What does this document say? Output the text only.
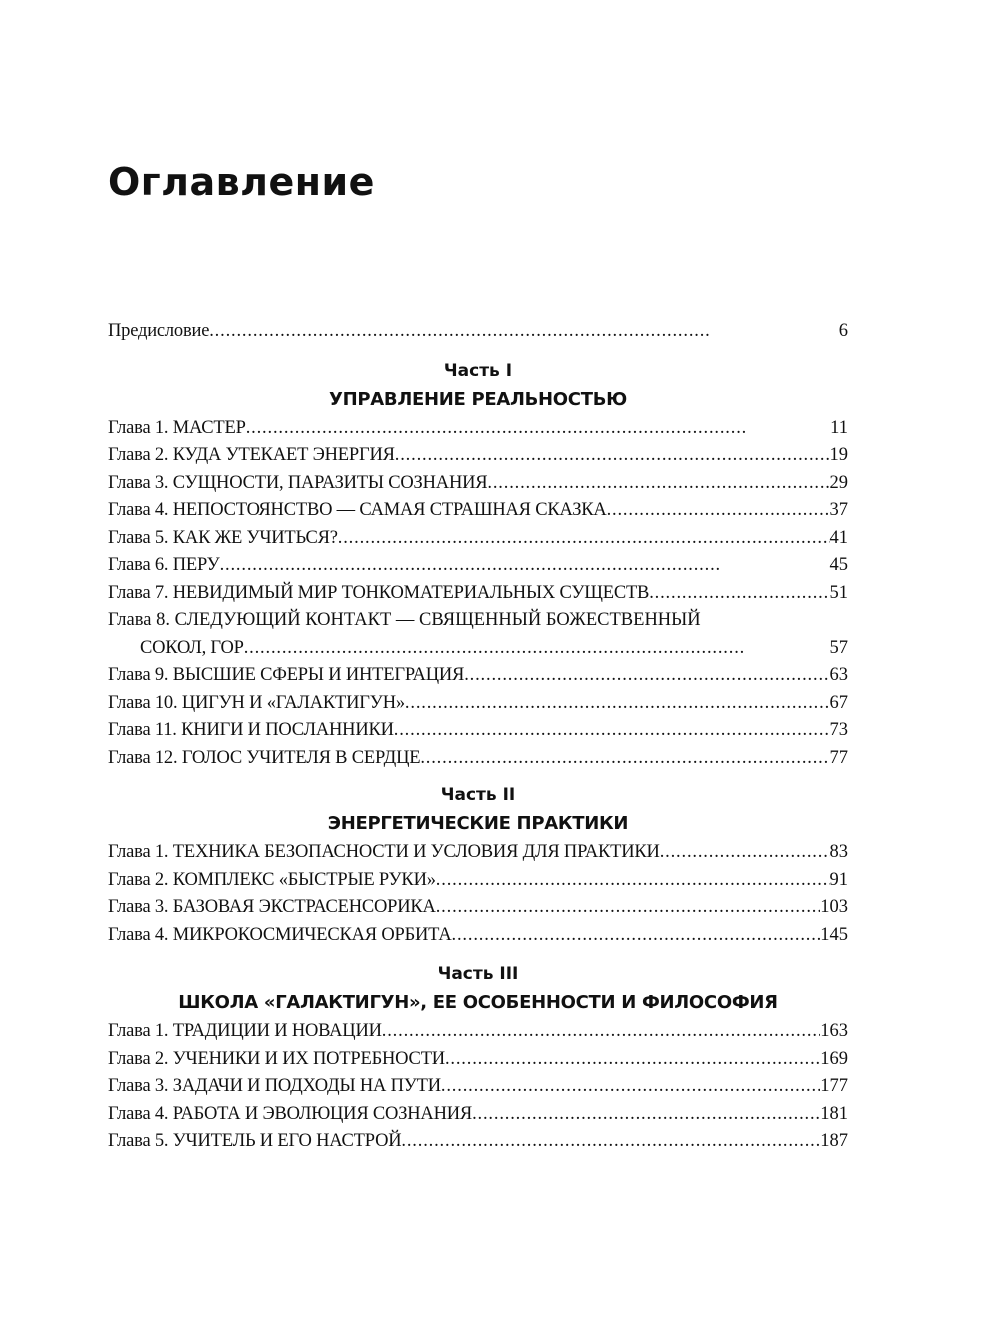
Оглавление
Предисловие . . .	6
Часть I
УПРАВЛЕНИЕ РЕАЛЬНОСТЬЮ
Глава 1. МАСТЕР . . .	11
Глава 2. КУДА УТЕКАЕТ ЭНЕРГИЯ . . .	19
Глава 3. СУЩНОСТИ, ПАРАЗИТЫ СОЗНАНИЯ . . .	29
Глава 4. НЕПОСТОЯНСТВО — САМАЯ СТРАШНАЯ СКАЗКА . . .	37
Глава 5. КАК ЖЕ УЧИТЬСЯ? . . .	41
Глава 6. ПЕРУ . . .	45
Глава 7. НЕВИДИМЫЙ МИР ТОНКОМАТЕРИАЛЬНЫХ СУЩЕСТВ . . .	51
Глава 8. СЛЕДУЮЩИЙ КОНТАКТ — СВЯЩЕННЫЙ БОЖЕСТВЕННЫЙ
СОКОЛ, ГОР . . .	57
Глава 9. ВЫСШИЕ СФЕРЫ И ИНТЕГРАЦИЯ . . .	63
Глава 10. ЦИГУН И «ГАЛАКТИГУН» . . .	67
Глава 11. КНИГИ И ПОСЛАННИКИ . . .	73
Глава 12. ГОЛОС УЧИТЕЛЯ В СЕРДЦЕ . . .	77
Часть II
ЭНЕРГЕТИЧЕСКИЕ ПРАКТИКИ
Глава 1. ТЕХНИКА БЕЗОПАСНОСТИ И УСЛОВИЯ ДЛЯ ПРАКТИКИ . . .	83
Глава 2. КОМПЛЕКС «БЫСТРЫЕ РУКИ» . . .	91
Глава 3. БАЗОВАЯ ЭКСТРАСЕНСОРИКА . . .	103
Глава 4. МИКРОКОСМИЧЕСКАЯ ОРБИТА . . .	145
Часть III
ШКОЛА «ГАЛАКТИГУН», ЕЕ ОСОБЕННОСТИ И ФИЛОСОФИЯ
Глава 1. ТРАДИЦИИ И НОВАЦИИ . . .	163
Глава 2. УЧЕНИКИ И ИХ ПОТРЕБНОСТИ . . .	169
Глава 3. ЗАДАЧИ И ПОДХОДЫ НА ПУТИ . . .	177
Глава 4. РАБОТА И ЭВОЛЮЦИЯ СОЗНАНИЯ . . .	181
Глава 5. УЧИТЕЛЬ И ЕГО НАСТРОЙ . . .	187
